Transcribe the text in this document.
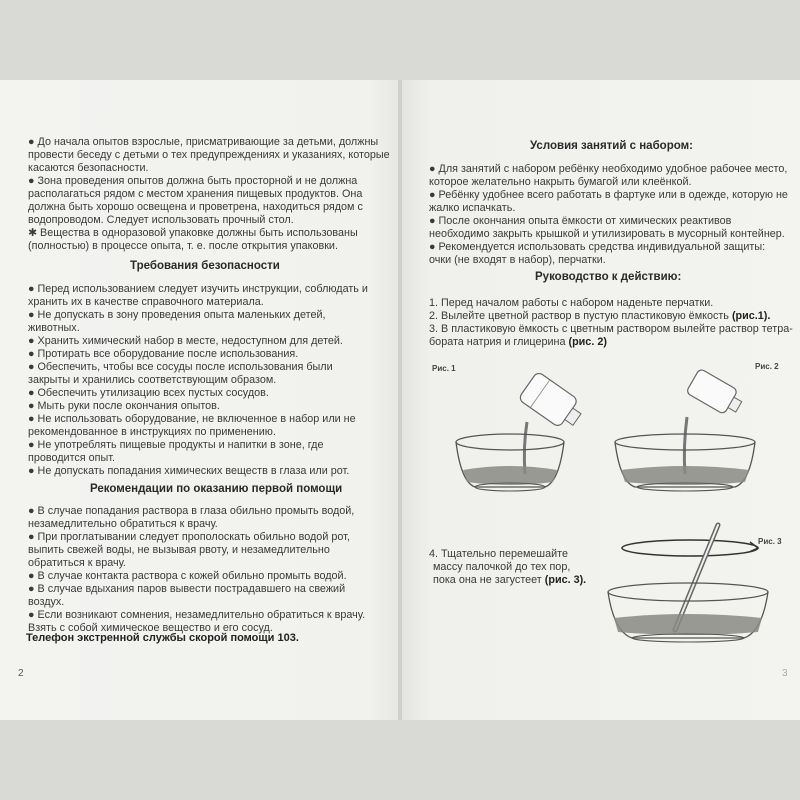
● До начала опытов взрослые, присматривающие за детьми, должны
провести беседу с детьми о тех предупреждениях и указаниях, которые
касаются безопасности.
● Зона проведения опытов должна быть просторной и не должна
располагаться рядом с местом хранения пищевых продуктов. Она
должна быть хорошо освещена и проветрена, находиться рядом с
водопроводом. Следует использовать прочный стол.
✱ Вещества в одноразовой упаковке должны быть использованы
(полностью) в процессе опыта, т. е. после открытия упаковки.
Требования безопасности
● Перед использованием следует изучить инструкции, соблюдать и
хранить их в качестве справочного материала.
● Не допускать в зону проведения опыта маленьких детей,
животных.
● Хранить химический набор в месте, недоступном для детей.
● Протирать все оборудование после использования.
● Обеспечить, чтобы все сосуды после использования были
закрыты и хранились соответствующим образом.
● Обеспечить утилизацию всех пустых сосудов.
● Мыть руки после окончания опытов.
● Не использовать оборудование, не включенное в набор или не
рекомендованное в инструкциях по применению.
● Не употреблять пищевые продукты и напитки в зоне, где
проводится опыт.
● Не допускать попадания химических веществ в глаза или рот.
Рекомендации по оказанию первой помощи
● В случае попадания раствора в глаза обильно промыть водой,
незамедлительно обратиться к врачу.
● При проглатывании следует прополоскать обильно водой рот,
выпить свежей воды, не вызывая рвоту, и незамедлительно
обратиться к врачу.
● В случае контакта раствора с кожей обильно промыть водой.
● В случае вдыхания паров вывести пострадавшего на свежий
воздух.
● Если возникают сомнения, незамедлительно обратиться к врачу.
Взять с собой химическое вещество и его сосуд.
Телефон экстренной службы скорой помощи 103.
2
Условия занятий с набором:
● Для занятий с набором ребёнку необходимо удобное рабочее место,
которое желательно накрыть бумагой или клеёнкой.
● Ребёнку удобнее всего работать в фартуке или в одежде, которую не
жалко испачкать.
● После окончания опыта ёмкости от химических реактивов
необходимо закрыть крышкой и утилизировать в мусорный контейнер.
● Рекомендуется использовать средства индивидуальной защиты:
очки (не входят в набор), перчатки.
Руководство к действию:
1. Перед началом работы с набором наденьте перчатки.
2. Вылейте цветной раствор в пустую пластиковую ёмкость (рис.1).
3. В пластиковую ёмкость с цветным раствором вылейте раствор тетра-
бората натрия и глицерина (рис. 2)
Рис. 1	Рис. 2
Рис. 3
4. Тщательно перемешайте
массу палочкой до тех пор,
пока она не загустеет (рис. 3).
3
